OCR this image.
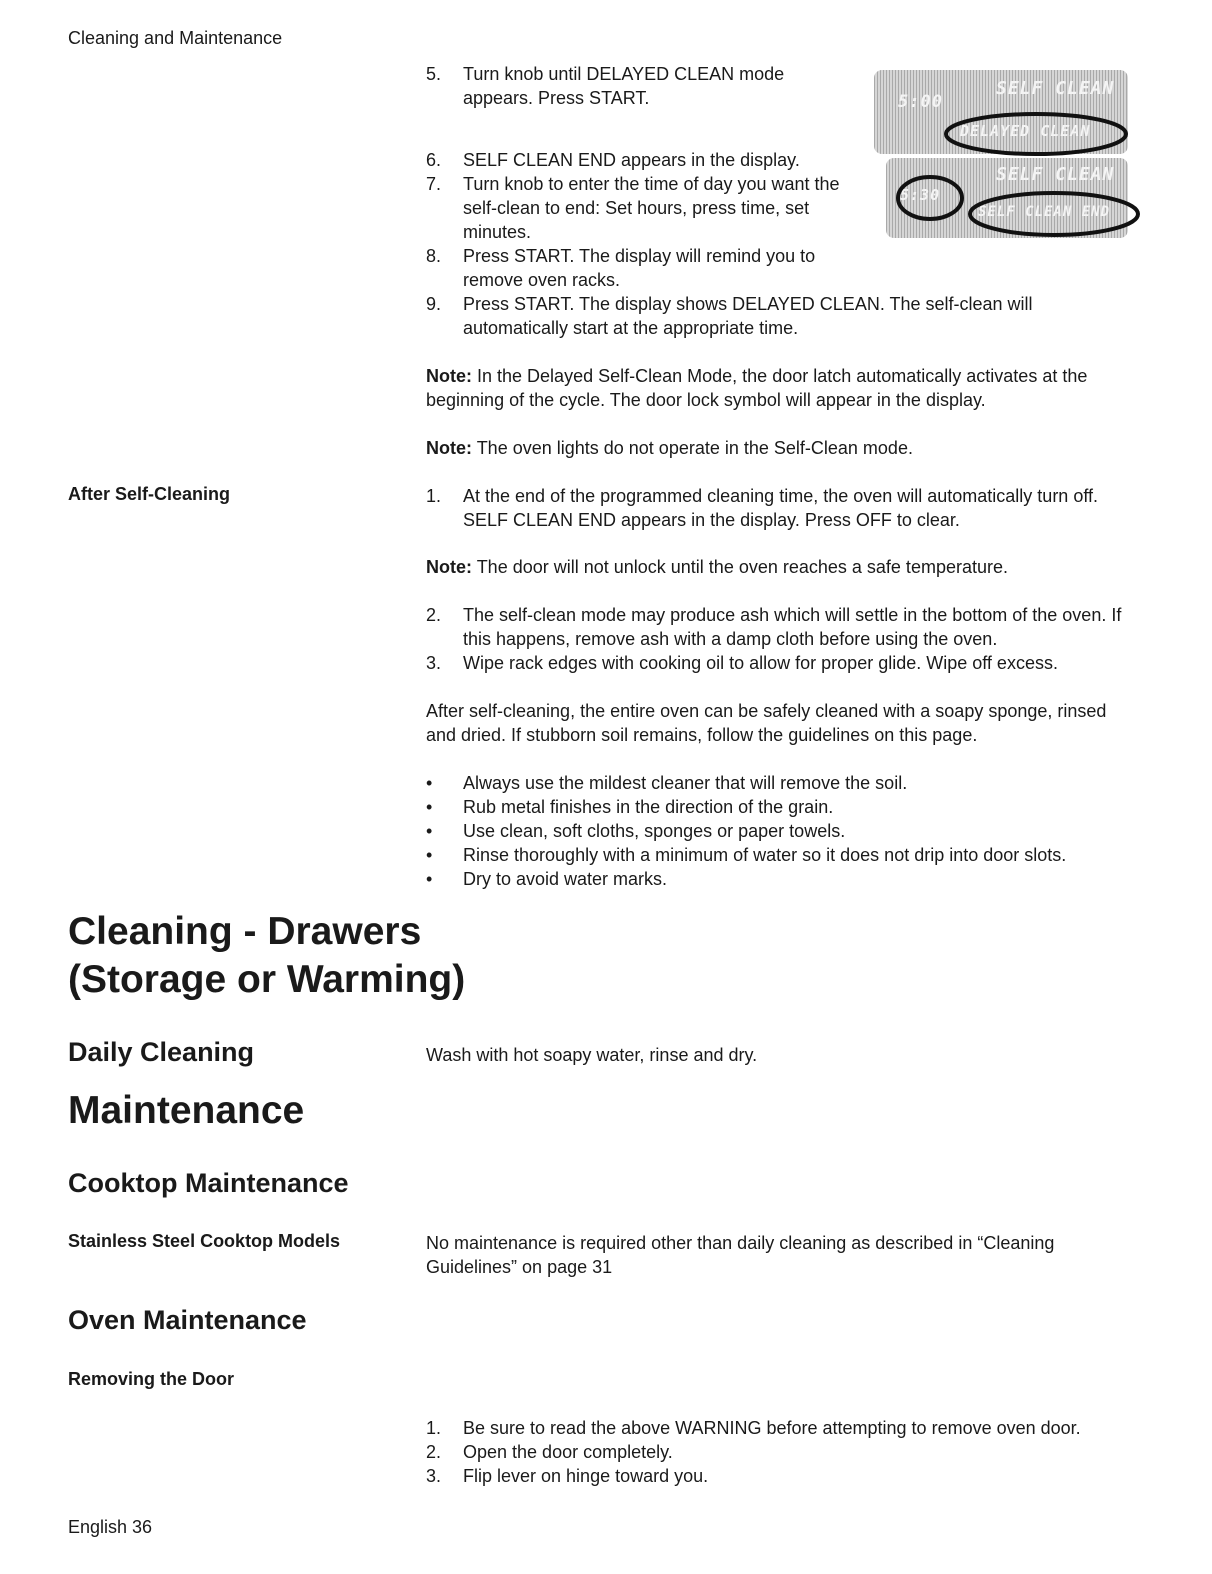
Cleaning and Maintenance
5. Turn knob until DELAYED CLEAN mode appears. Press START.
6. SELF CLEAN END appears in the display.
7. Turn knob to enter the time of day you want the self-clean to end: Set hours, press time, set minutes.
8. Press START. The display will remind you to remove oven racks.
9. Press START. The display shows DELAYED CLEAN. The self-clean will automatically start at the appropriate time.
5:00
SELF CLEAN
DELAYED CLEAN
5:30
SELF CLEAN
SELF CLEAN END

Note: In the Delayed Self-Clean Mode, the door latch automatically activates at the beginning of the cycle. The door lock symbol will appear in the display.

Note: The oven lights do not operate in the Self-Clean mode.

After Self-Cleaning	1. At the end of the programmed cleaning time, the oven will automatically turn off. SELF CLEAN END appears in the display. Press OFF to clear.

Note: The door will not unlock until the oven reaches a safe temperature.

2. The self-clean mode may produce ash which will settle in the bottom of the oven. If this happens, remove ash with a damp cloth before using the oven.
3. Wipe rack edges with cooking oil to allow for proper glide. Wipe off excess.

After self-cleaning, the entire oven can be safely cleaned with a soapy sponge, rinsed and dried. If stubborn soil remains, follow the guidelines on this page.

• Always use the mildest cleaner that will remove the soil.
• Rub metal finishes in the direction of the grain.
• Use clean, soft cloths, sponges or paper towels.
• Rinse thoroughly with a minimum of water so it does not drip into door slots.
• Dry to avoid water marks.
Cleaning - Drawers
(Storage or Warming)
Daily Cleaning	Wash with hot soapy water, rinse and dry.
Maintenance
Cooktop Maintenance
Stainless Steel Cooktop Models	No maintenance is required other than daily cleaning as described in “Cleaning Guidelines” on page 31

Oven Maintenance
Removing the Door
1. Be sure to read the above WARNING before attempting to remove oven door.
2. Open the door completely.
3. Flip lever on hinge toward you.
English 36
